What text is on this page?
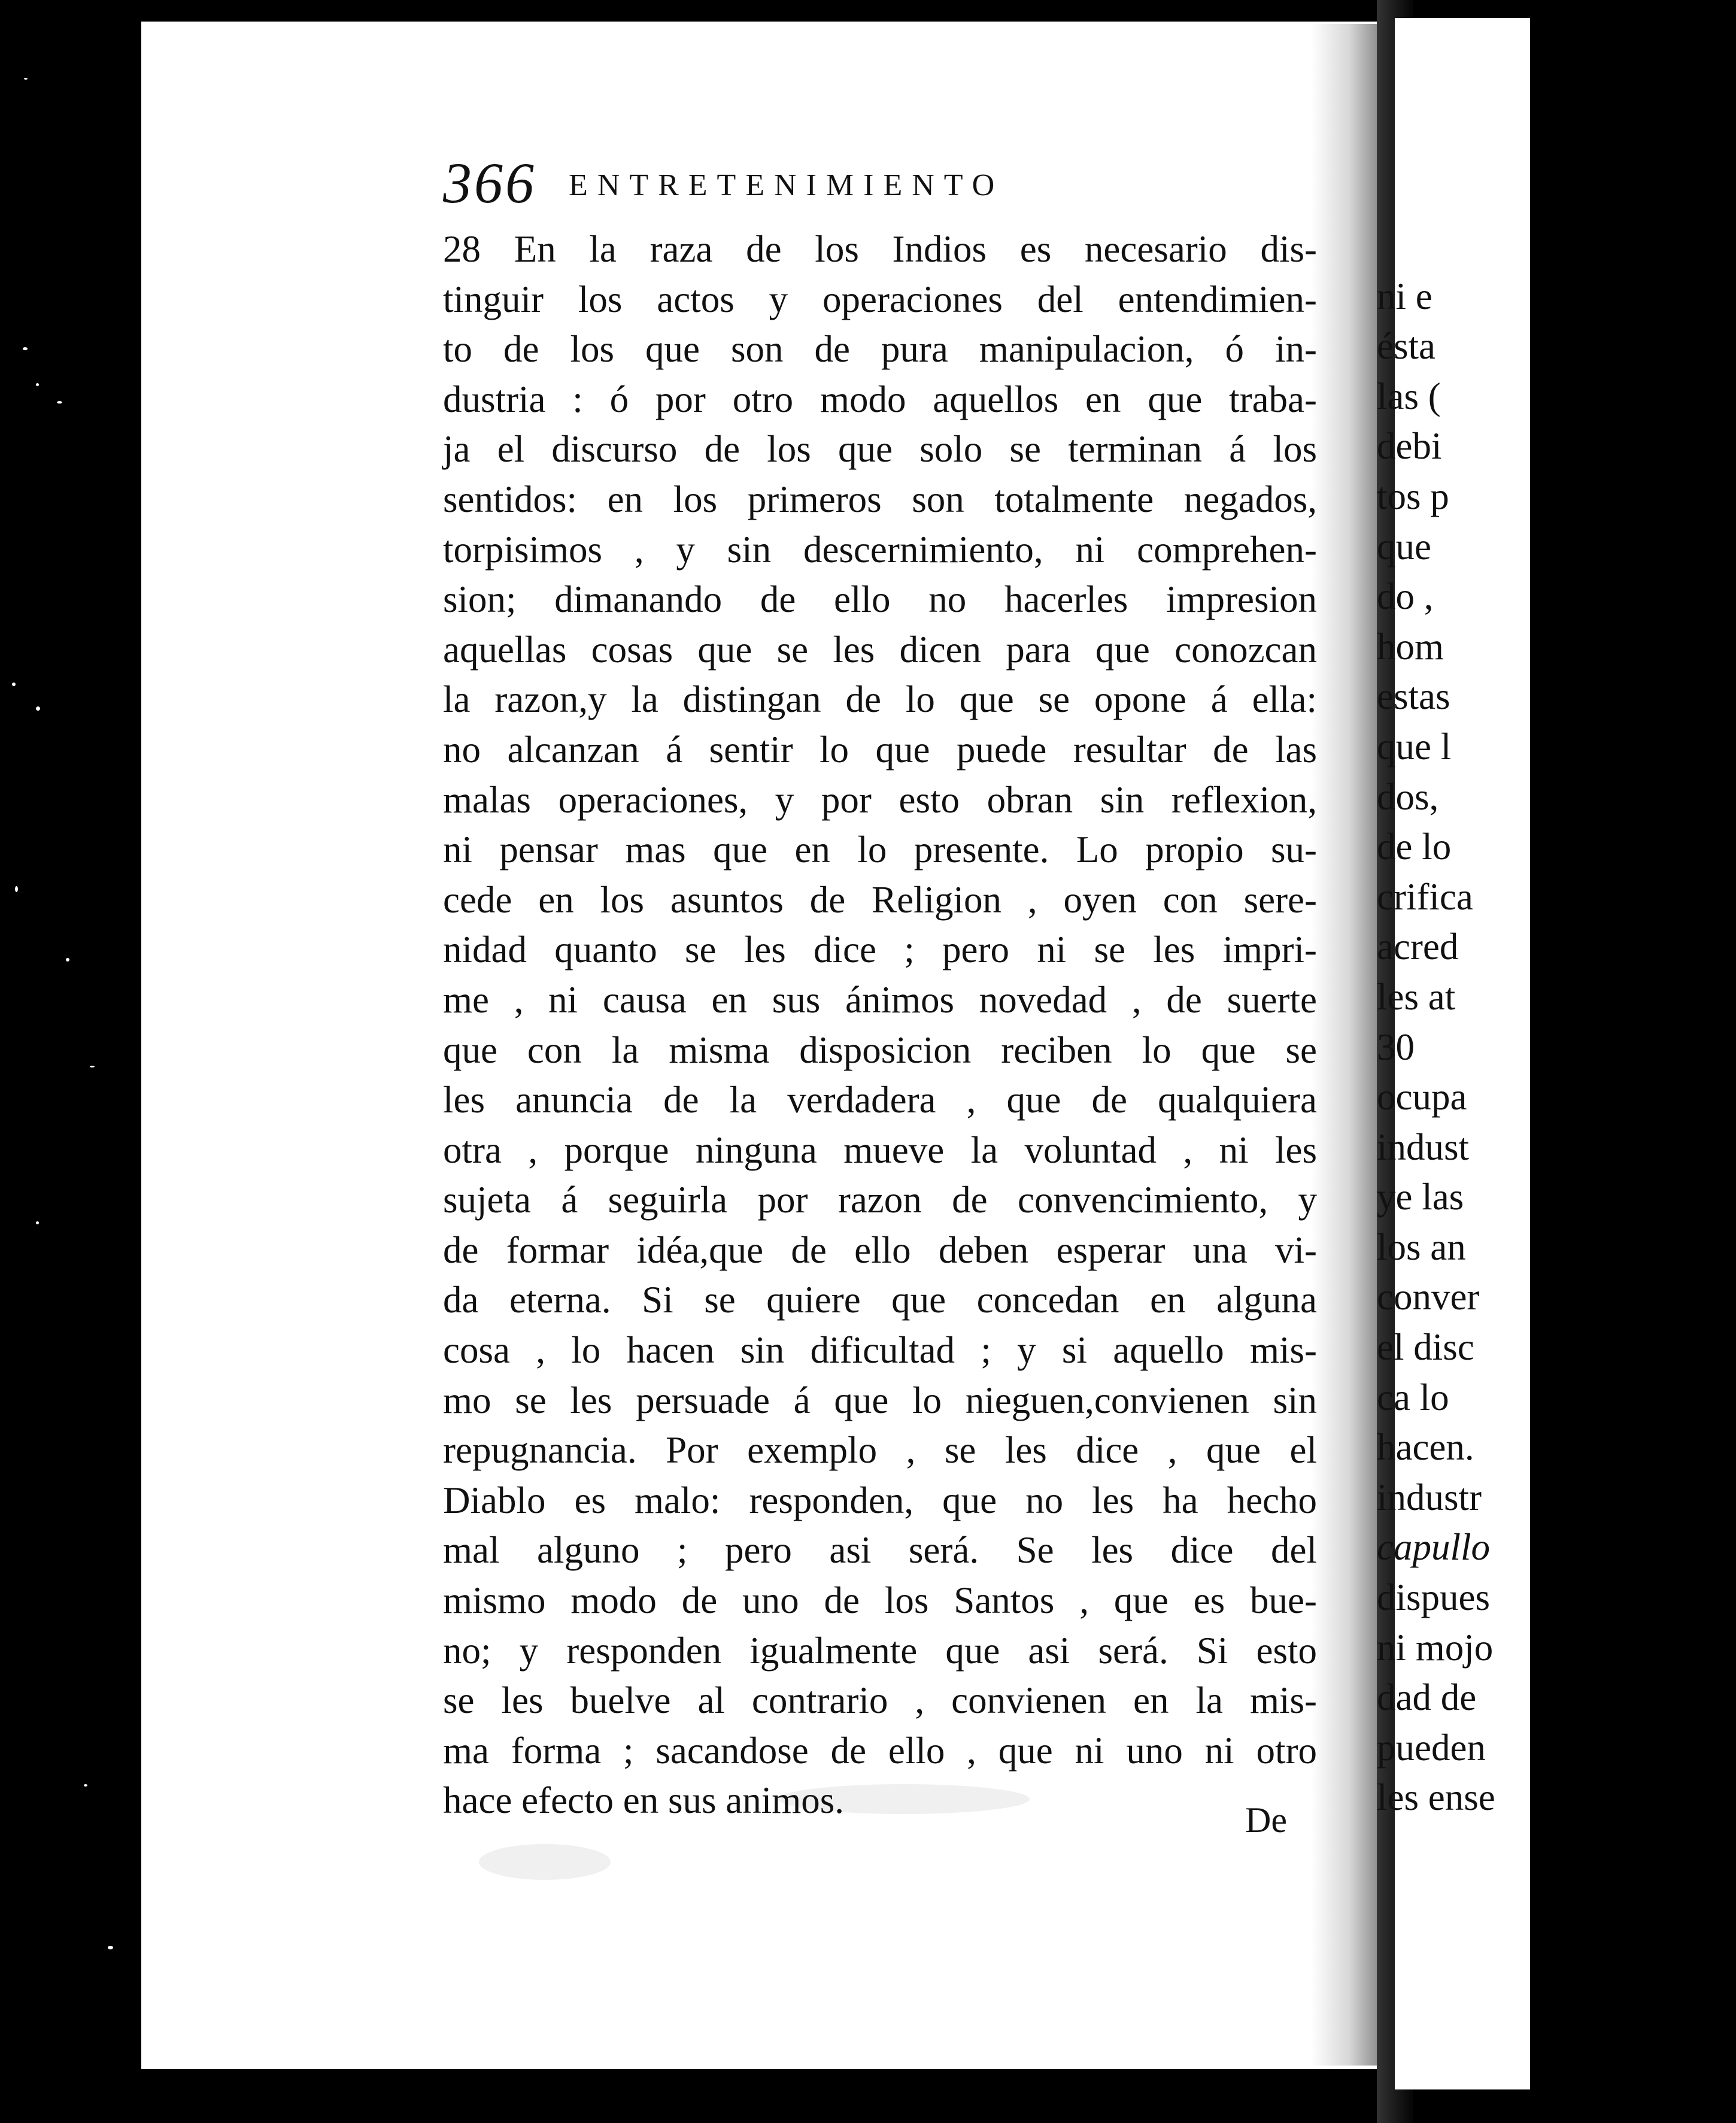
366 ENTRETENIMIENTO
28 En la raza de los Indios es necesario dis-
tinguir los actos y operaciones del entendimien-
to de los que son de pura manipulacion, ó in-
dustria : ó por otro modo aquellos en que traba-
ja el discurso de los que solo se terminan á los
sentidos: en los primeros son totalmente negados,
torpisimos , y sin descernimiento, ni comprehen-
sion; dimanando de ello no hacerles impresion
aquellas cosas que se les dicen para que conozcan
la razon,y la distingan de lo que se opone á ella:
no alcanzan á sentir lo que puede resultar de las
malas operaciones, y por esto obran sin reflexion,
ni pensar mas que en lo presente. Lo propio su-
cede en los asuntos de Religion , oyen con sere-
nidad quanto se les dice ; pero ni se les impri-
me , ni causa en sus ánimos novedad , de suerte
que con la misma disposicion reciben lo que se
les anuncia de la verdadera , que de qualquiera
otra , porque ninguna mueve la voluntad , ni les
sujeta á seguirla por razon de convencimiento, y
de formar idéa,que de ello deben esperar una vi-
da eterna. Si se quiere que concedan en alguna
cosa , lo hacen sin dificultad ; y si aquello mis-
mo se les persuade á que lo nieguen,convienen sin
repugnancia. Por exemplo , se les dice , que el
Diablo es malo: responden, que no les ha hecho
mal alguno ; pero asi será. Se les dice del
mismo modo de uno de los Santos , que es bue-
no; y responden igualmente que asi será. Si esto
se les buelve al contrario , convienen en la mis-
ma forma ; sacandose de ello , que ni uno ni otro
hace efecto en sus animos.	De
ni e
ésta
las (
debi
tos p
que
do ,
hom
estas
que l
dos,
de lo
crifica
acred
les at
30
ocupa
indust
ye las
los an
conver
el disc
ca lo
hacen.
industr
capullo
dispues
ni mojo
dad de
pueden
les ense
